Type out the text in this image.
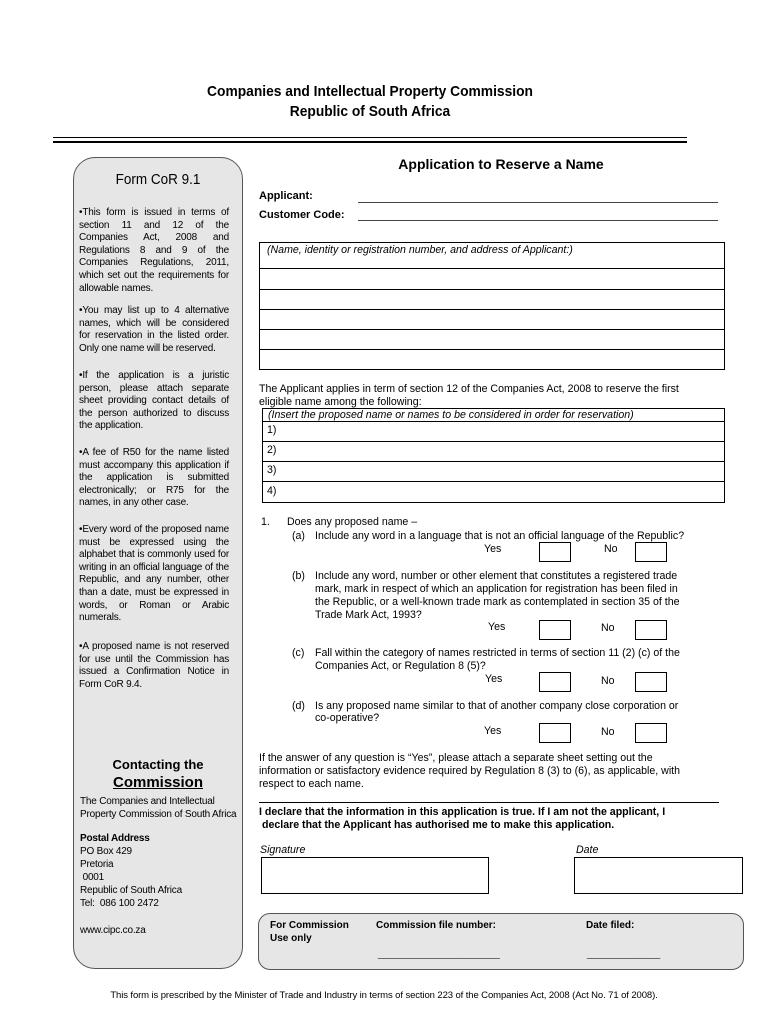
Companies and Intellectual Property Commission
Republic of South Africa
Form CoR 9.1
• This form is issued in terms of section 11 and 12 of the Companies Act, 2008 and Regulations 8 and 9 of the Companies Regulations, 2011, which set out the requirements for allowable names.
• You may list up to 4 alternative names, which will be considered for reservation in the listed order. Only one name will be reserved.
• If the application is a juristic person, please attach separate sheet providing contact details of the person authorized to discuss the application.
• A fee of R50 for the name listed must accompany this application if the application is submitted electronically; or R75 for the names, in any other case.
• Every word of the proposed name must be expressed using the alphabet that is commonly used for writing in an official language of the Republic, and any number, other than a date, must be expressed in words, or Roman or Arabic numerals.
• A proposed name is not reserved for use until the Commission has issued a Confirmation Notice in Form CoR 9.4.
Contacting the
Commission
The Companies and Intellectual
Property Commission of South Africa
Postal Address
PO Box 429
Pretoria
0001
Republic of South Africa
Tel:  086 100 2472
www.cipc.co.za
Application to Reserve a Name
Applicant:
Customer Code:
(Name, identity or registration number, and address of Applicant:)
The Applicant applies in term of section 12 of the Companies Act, 2008 to reserve the first
eligible name among the following:
(Insert the proposed name or names to be considered in order for reservation)
1)
2)
3)
4)
1. Does any proposed name –
(a) Include any word in a language that is not an official language of the Republic?
Yes	No
(b) Include any word, number or other element that constitutes a registered trade
mark, mark in respect of which an application for registration has been filed in
the Republic, or a well-known trade mark as contemplated in section 35 of the
Trade Mark Act, 1993?
Yes	No
(c) Fall within the category of names restricted in terms of section 11 (2) (c) of the
Companies Act, or Regulation 8 (5)?
Yes	No
(d) Is any proposed name similar to that of another company close corporation or
co-operative?
Yes	No
If the answer of any question is “Yes”, please attach a separate sheet setting out the
information or satisfactory evidence required by Regulation 8 (3) to (6), as applicable, with
respect to each name.
I declare that the information in this application is true. If I am not the applicant, I
declare that the Applicant has authorised me to make this application.
Signature	Date
For Commission
Use only
Commission file number:	Date filed:
______________________________	__________________
This form is prescribed by the Minister of Trade and Industry in terms of section 223 of the Companies Act, 2008 (Act No. 71 of 2008).
